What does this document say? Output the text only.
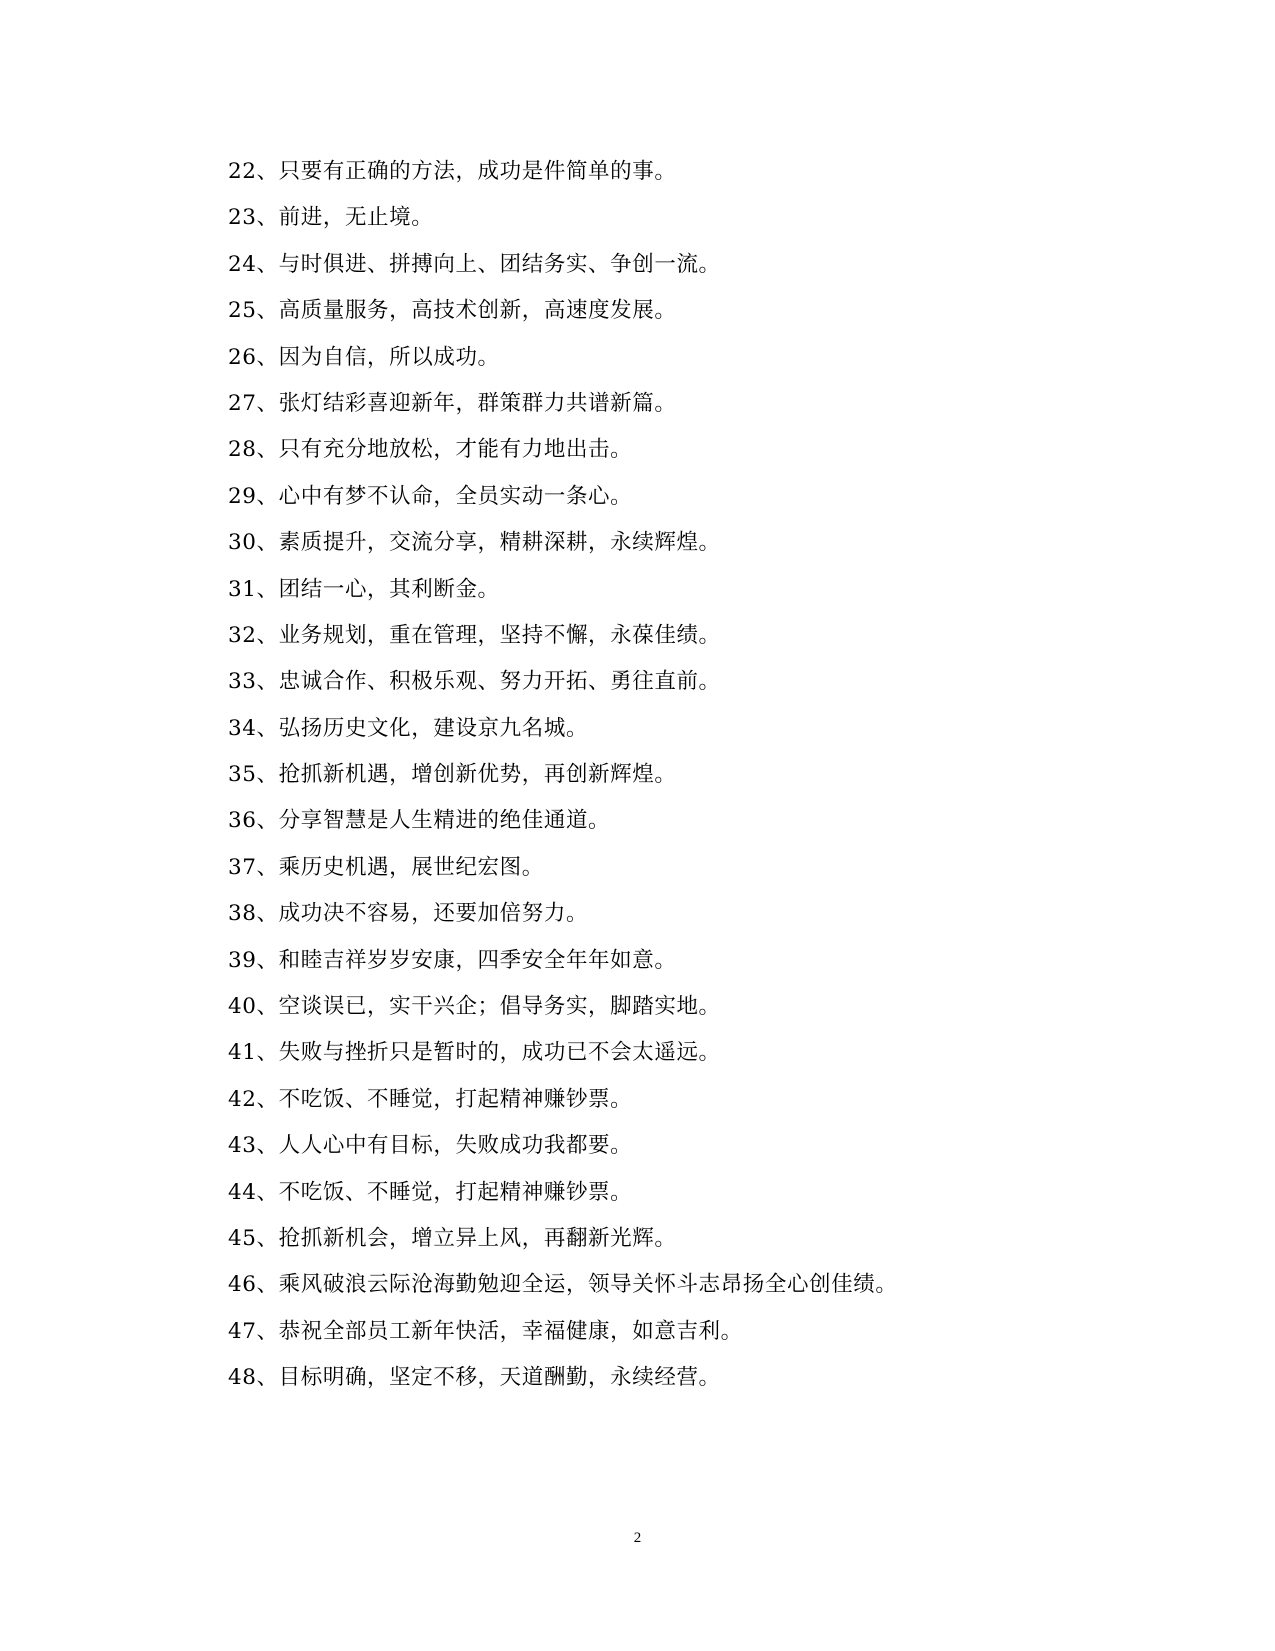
22、只要有正确的方法，成功是件简单的事。
23、前进，无止境。
24、与时俱进、拼搏向上、团结务实、争创一流。
25、高质量服务，高技术创新，高速度发展。
26、因为自信，所以成功。
27、张灯结彩喜迎新年，群策群力共谱新篇。
28、只有充分地放松，才能有力地出击。
29、心中有梦不认命，全员实动一条心。
30、素质提升，交流分享，精耕深耕，永续辉煌。
31、团结一心，其利断金。
32、业务规划，重在管理，坚持不懈，永葆佳绩。
33、忠诚合作、积极乐观、努力开拓、勇往直前。
34、弘扬历史文化，建设京九名城。
35、抢抓新机遇，增创新优势，再创新辉煌。
36、分享智慧是人生精进的绝佳通道。
37、乘历史机遇，展世纪宏图。
38、成功决不容易，还要加倍努力。
39、和睦吉祥岁岁安康，四季安全年年如意。
40、空谈误已，实干兴企；倡导务实，脚踏实地。
41、失败与挫折只是暂时的，成功已不会太遥远。
42、不吃饭、不睡觉，打起精神赚钞票。
43、人人心中有目标，失败成功我都要。
44、不吃饭、不睡觉，打起精神赚钞票。
45、抢抓新机会，增立异上风，再翻新光辉。
46、乘风破浪云际沧海勤勉迎全运，领导关怀斗志昂扬全心创佳绩。
47、恭祝全部员工新年快活，幸福健康，如意吉利。
48、目标明确，坚定不移，天道酬勤，永续经营。
2
